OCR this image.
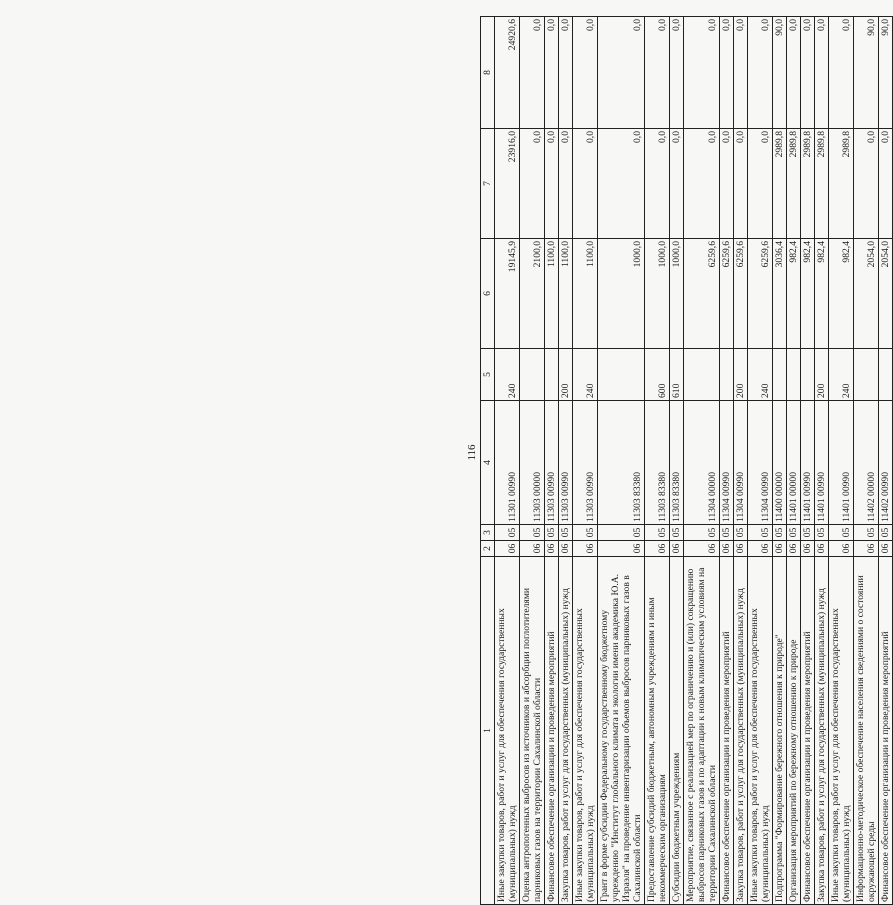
116
1	2	3	4	5	6	7	8
Иные закупки товаров, работ и услуг для обеспечения государственных (муниципальных) нужд	06	05	11301 00990	240	19145,9	23916,0	24920,6
Оценка антропогенных выбросов из источников и абсорбции поглотителями парниковых газов на территории Сахалинской области	06	05	11303 00000		2100,0	0,0	0,0
Финансовое обеспечение организации и проведения мероприятий	06	05	11303 00990		1100,0	0,0	0,0
Закупка товаров, работ и услуг для государственных (муниципальных) нужд	06	05	11303 00990	200	1100,0	0,0	0,0
Иные закупки товаров, работ и услуг для обеспечения государственных (муниципальных) нужд	06	05	11303 00990	240	1100,0	0,0	0,0
Грант в форме субсидии Федеральному государственному бюджетному учреждению "Институт глобального климата и экологии имени академика Ю.А. Израэля" на проведение инвентаризации объемов выбросов парниковых газов в Сахалинской области	06	05	11303 83380		1000,0	0,0	0,0
Предоставление субсидий бюджетным, автономным учреждениям и иным некоммерческим организациям	06	05	11303 83380	600	1000,0	0,0	0,0
Субсидии бюджетным учреждениям	06	05	11303 83380	610	1000,0	0,0	0,0
Мероприятие, связанное с реализацией мер по ограничению и (или) сокращению выбросов парниковых газов и по адаптации к новым климатическим условиям на территории Сахалинской области	06	05	11304 00000		6259,6	0,0	0,0
Финансовое обеспечение организации и проведения мероприятий	06	05	11304 00990		6259,6	0,0	0,0
Закупка товаров, работ и услуг для государственных (муниципальных) нужд	06	05	11304 00990	200	6259,6	0,0	0,0
Иные закупки товаров, работ и услуг для обеспечения государственных (муниципальных) нужд	06	05	11304 00990	240	6259,6	0,0	0,0
Подпрограмма "Формирование бережного отношения к природе"	06	05	11400 00000		3036,4	2989,8	90,0
Организация мероприятий по бережному отношению к природе	06	05	11401 00000		982,4	2989,8	0,0
Финансовое обеспечение организации и проведения мероприятий	06	05	11401 00990		982,4	2989,8	0,0
Закупка товаров, работ и услуг для государственных (муниципальных) нужд	06	05	11401 00990	200	982,4	2989,8	0,0
Иные закупки товаров, работ и услуг для обеспечения государственных (муниципальных) нужд	06	05	11401 00990	240	982,4	2989,8	0,0
Информационно-методическое обеспечение населения сведениями о состоянии окружающей среды	06	05	11402 00000		2054,0	0,0	90,0
Финансовое обеспечение организации и проведения мероприятий	06	05	11402 00990		2054,0	0,0	90,0
